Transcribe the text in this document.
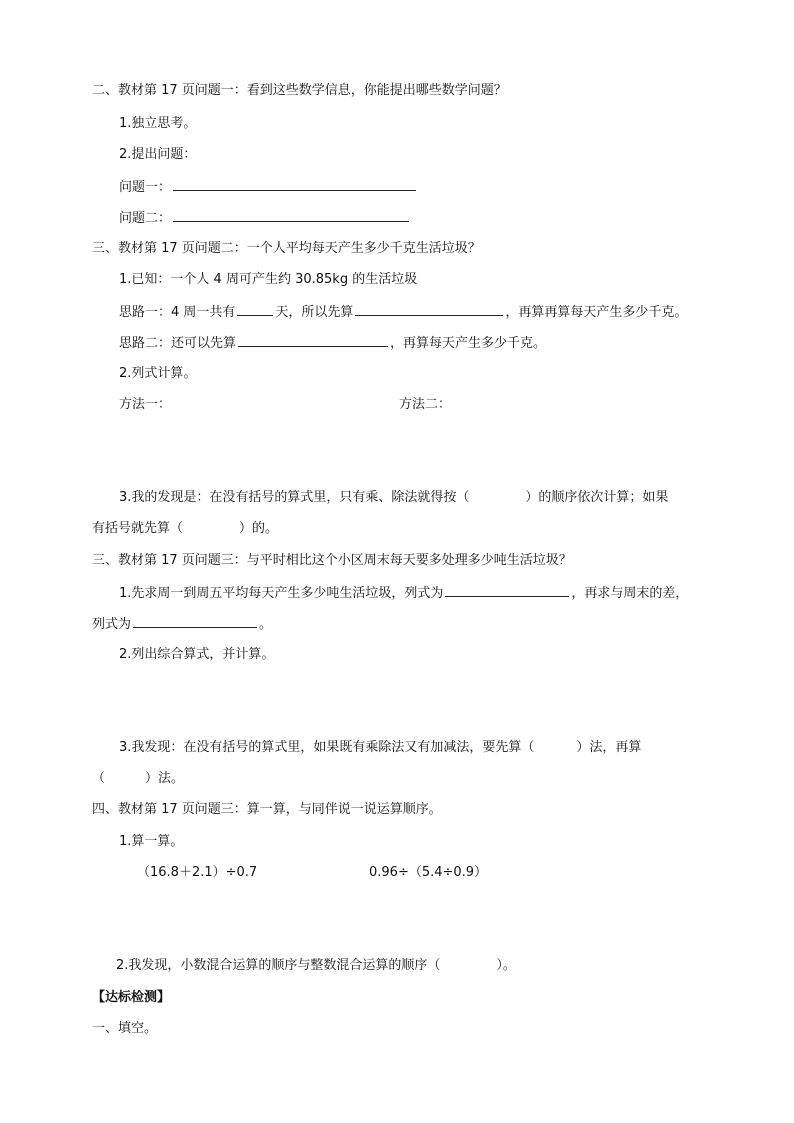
二、教材第 17 页问题一：看到这些数学信息，你能提出哪些数学问题？
1.独立思考。
2.提出问题：
问题一：
问题二：
三、教材第 17 页问题二：一个人平均每天产生多少千克生活垃圾？
1.已知：一个人 4 周可产生约 30.85kg 的生活垃圾
思路一：4 周一共有	天，所以先算	，再算再算每天产生多少千克。
思路二：还可以先算	，再算每天产生多少千克。
2.列式计算。
方法一：	方法二：
3.我的发现是：在没有括号的算式里，只有乘、除法就得按（	）的顺序依次计算；如果
有括号就先算（	）的。
三、教材第 17 页问题三：与平时相比这个小区周末每天要多处理多少吨生活垃圾？
1.先求周一到周五平均每天产生多少吨生活垃圾，列式为	，再求与周末的差，
列式为	。
2.列出综合算式，并计算。
3.我发现：在没有括号的算式里，如果既有乘除法又有加减法，要先算（	）法，再算
（	）法。
四、教材第 17 页问题三：算一算，与同伴说一说运算顺序。
1.算一算。
（16.8＋2.1）÷0.7	0.96÷（5.4÷0.9）
2.我发现，小数混合运算的顺序与整数混合运算的顺序（	）。
【达标检测】
一、填空。
